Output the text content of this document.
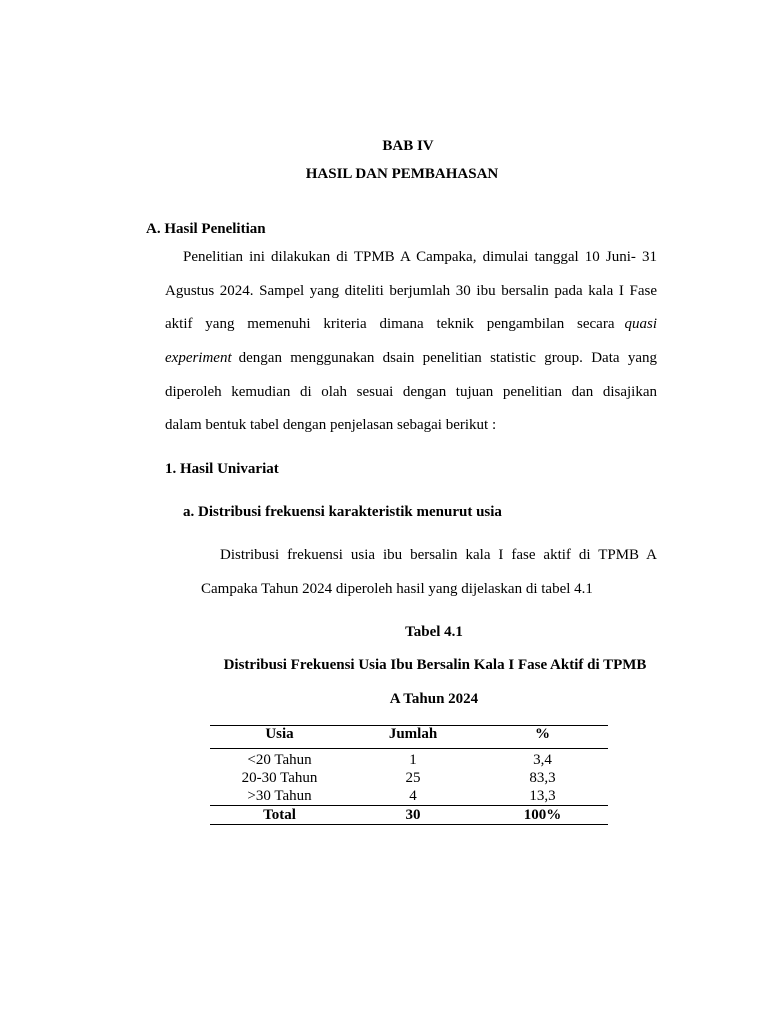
BAB IV
HASIL DAN PEMBAHASAN
A. Hasil Penelitian
Penelitian ini dilakukan di TPMB A Campaka, dimulai tanggal 10 Juni- 31
Agustus 2024. Sampel yang diteliti berjumlah 30 ibu bersalin pada kala I Fase
aktif yang memenuhi kriteria dimana teknik pengambilan secara quasi
experiment dengan menggunakan dsain penelitian statistic group. Data yang
diperoleh kemudian di olah sesuai dengan tujuan penelitian dan disajikan
dalam bentuk tabel dengan penjelasan sebagai berikut :
1. Hasil Univariat
a. Distribusi frekuensi karakteristik menurut usia
Distribusi frekuensi usia ibu bersalin kala I fase aktif di TPMB A
Campaka Tahun 2024 diperoleh hasil yang dijelaskan di tabel 4.1
Tabel 4.1
Distribusi Frekuensi Usia Ibu Bersalin Kala I Fase Aktif di TPMB
A Tahun 2024
Usia	Jumlah	%
<20 Tahun	1	3,4
20-30 Tahun	25	83,3
>30 Tahun	4	13,3
Total	30	100%
